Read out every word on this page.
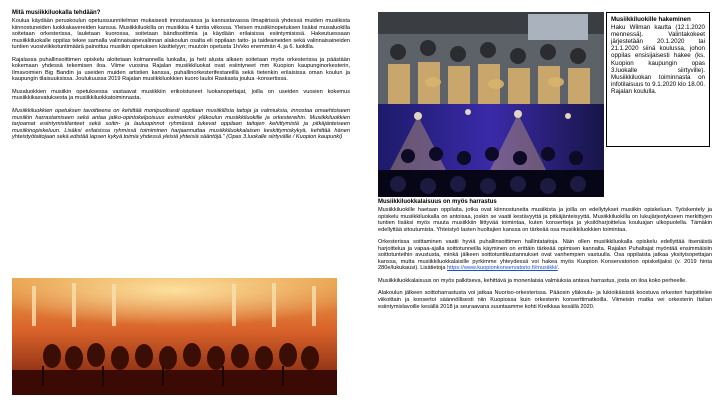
Mitä musiikkiluokalla tehdään?

Koulua käydään peruskoulun opetussuunnitelman mukaisesti innostavassa ja kannustavassa ilmapiirissä yhdessä muiden musiikista kiinnostuneiden luokkakavereiden kanssa. Musiikkiluokilla on musiikkia 4 tuntia viikossa. Yleisen musiikinopetuksen lisäksi musaluokilla soitetaan orkesterissa, lauletaan kuorossa, soitetaan bändisoittimia ja käydään erilaisissa esiintymisissä. Hakeutuessaan musiikkiluokalle oppilas tekee samalla valinnaisainevalinnan alakoulun osalta eli oppilaan taito- ja taideaineiden sekä valinnaisaineiden tuntien vuosiviikkotuntimäärä painottuu musiikin opetuksen käsittelyyn; muutoin opetusta 1h/vko enemmän 4. ja 6. luokilla.

Rajalassa puhallinsoittimen opiskelu aloitetaan kolmannella luokalla, ja heti alusta alkaen soitetaan myös orkesterissa ja päästään kokemaan yhdessä tekemisen iloa. Viime vuosina Rajalan musiikkiluokat ovat esiintyneet mm Kuopion kaupunginorkesterin, Ilmavoimien Big Bandin ja useiden muiden artistien kanssa, puhallinorkesterifestareillä sekä tietenkin erilaisissa oman koulun ja kaupungin tilaisuuksissa. Joulukuussa 2019 Rajalan musiikkiluokkien kuoro lauloi Raskasta joulua -konsertissa.

Musaluokkien musiikin opetuksessa vastaavat musiikkiin erikoistuneet luokanopettajat, joilla on useiden vuosien kokemus musiikkikasvatuksesta ja musiikkiluokkatoiminnasta.

Musiikkiluokkien opetuksen tavoitteena on kehittää monipuolisesti oppilaan musiikillisia taitoja ja valmiuksia, innostaa omaehtoiseen musiikin harrastamiseen sekä antaa jatko-opintokelpoisuus esimerkiksi yläkoulun musiikkiluokille ja orkestereihin. Musiikkiluokkien tarjoamat esiintymistilanteet sekä soitin- ja lauluopinnot ryhmässä tukevat oppilaan taitojen kehittymistä ja pitkäjänteiseen musiikinopiskeluun. Lisäksi erilaisissa ryhmissä toimiminen harjaannuttaa musiikkiluokkalaisen keskittymiskykyä, kehittää hänen yhteistyötaitojaan sekä edistää lapsen kykyä toimia yhdessä yleisiä yhteisiä sääntöjä.” (Opas 3.luokalle siirtyvälle / Kuopion kaupunki)

Musiikkiluokille hakeminen

Haku Wilman kautta (12.1.2020 mennessä). Valintakokeet järjestetään 20.1.2020 tai 21.1.2020 siinä koulussa, johon oppilas ensisijaisesti hakee (ks. Kuopion kaupungin opas 3.luokalle siirtyville). Musiikkiluokan toiminnasta on infotilaisuus to 9.1.2020 klo 18.00. Rajalan koululla.

Musiikkiluokkalaisuus on myös harrastus

Musiikkiluokille haetaan oppilaita, jotka ovat kiinnostuneita musiikista ja joilla on edellytykset musiikin opiskeluun. Työskentely ja opiskelu musiikkiluokalla on antoisaa, joskin se vaatii kestävyyttä ja pitkäjänteisyyttä. Musiikkiluokilla on lukujärjestykseen merkittyjen tuntien lisäksi myös muuta musiikkiin liittyvää toimintaa, kuten konsertteja ja yksilöharjoittelua kouluajan ulkopuolella. Tämäkin edellyttää sitoutumista. Yhteistyö lasten huoltajien kanssa on tärkeää osa musiikkiluokkien toimintaa.

Orkesterissa soittaminen vaatii hyviä puhallinsoittimen hallintataitoja. Näin ollen musiikkiluokalla opiskelu edellyttää itsenäistä harjoittelua ja vapaa-ajalla soittotunneilla käyminen on erittäin tärkeää opimisen kannalta. Rajalan Puhaltajat myöntää ensimmäisiin soittotunteihin avustusta, minkä jälkeen soittotuntikustannukset ovat vanhempien vastuulla. Osa oppilaista jatkaa yksityisopettajan kanssa, mutta musiikkiluokkalaisille pyrkimme yhteydessä voi hakea myös Kuopion Konservatorion opiskelijaksi (v. 2019 hinta 280e/lukukausi). Lisätietoja https://www.kuopionkonservatorio.fi/musiikki/.

Musiikkiluokkalaisuus on myös palkitseva, kehittävä ja monenlaisia valmiuksia antava harrastus, josta on iloa koko perheelle.

Alakoulun jälkeen soittoharrastusta voi jatkaa Nuoriso-orkesterissa. Pääosin yläkoulu- ja lukioikäisistä koostuva orkesteri harjoittelee viikoittain ja konsertoi säännöllisesti niin Kuopiossa kuin orkesterin konserttimatkoilla. Viimeisin matka vei orkesterin Italian esiintymislavoille kesällä 2018 ja seuraavana suuntaamme kohti Kreikkaa kesällä 2020.
